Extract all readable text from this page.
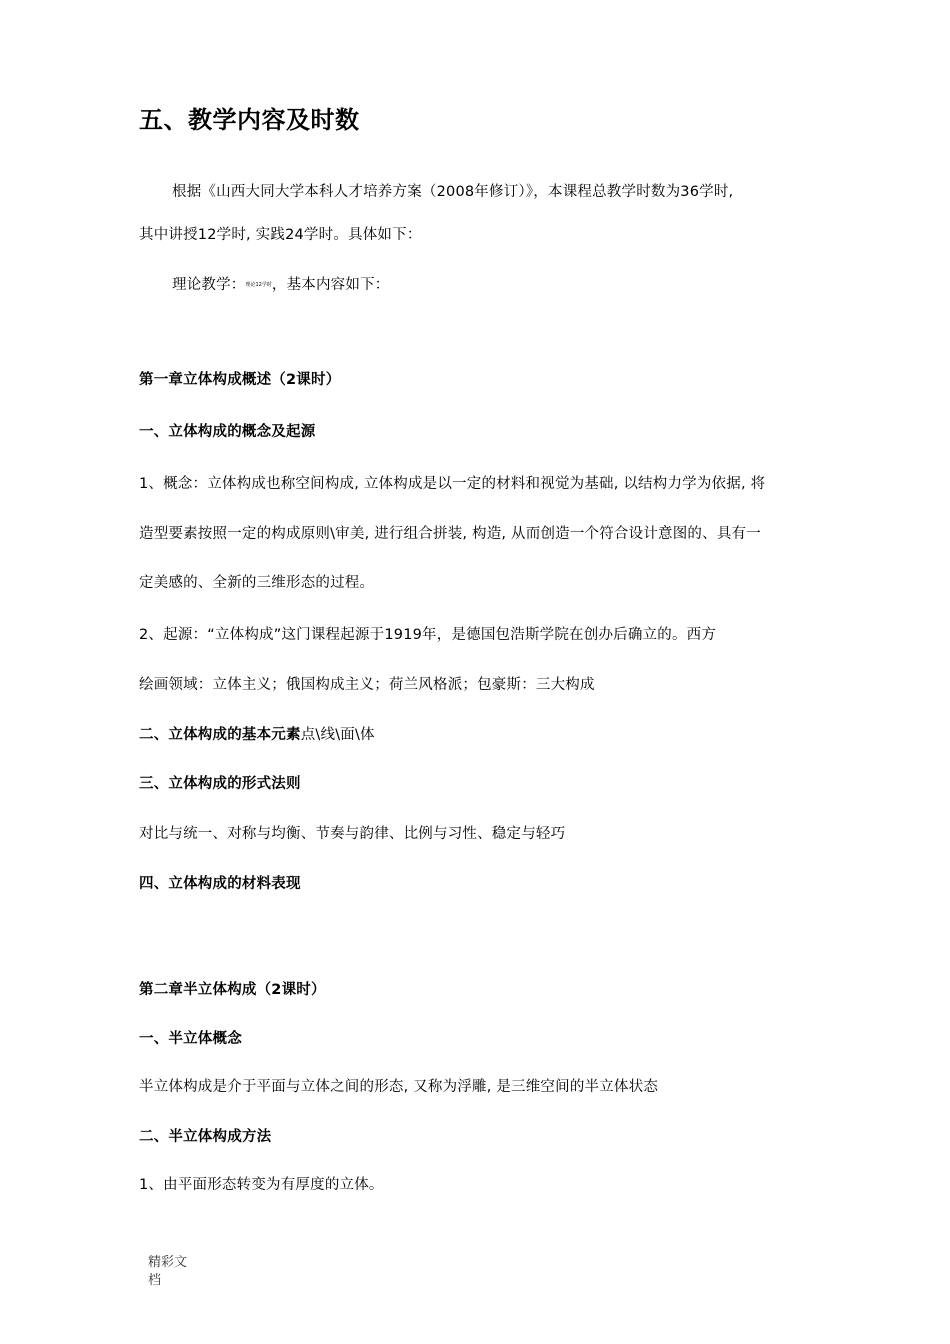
五、教学内容及时数
根据《山西大同大学本科人才培养方案（2008年修订）》，本课程总教学时数为36学时,
其中讲授12学时, 实践24学时。具体如下：
理论教学：$^{理论12学时}$，基本内容如下：
第一章立体构成概述（2课时）
一、立体构成的概念及起源
1、概念：立体构成也称空间构成, 立体构成是以一定的材料和视觉为基础, 以结构力学为依据, 将
造型要素按照一定的构成原则\审美, 进行组合拼装, 构造, 从而创造一个符合设计意图的、具有一
定美感的、全新的三维形态的过程。
2、起源：“立体构成”这门课程起源于1919年，是德国包浩斯学院在创办后确立的。西方
绘画领域：立体主义；俄国构成主义；荷兰风格派；包豪斯：三大构成
二、立体构成的基本元素点\线\面\体
三、立体构成的形式法则
对比与统一、对称与均衡、节奏与韵律、比例与习性、稳定与轻巧
四、立体构成的材料表现
第二章半立体构成（2课时）
一、半立体概念
半立体构成是介于平面与立体之间的形态, 又称为浮雕, 是三维空间的半立体状态
二、半立体构成方法
1、由平面形态转变为有厚度的立体。
精彩文
档
